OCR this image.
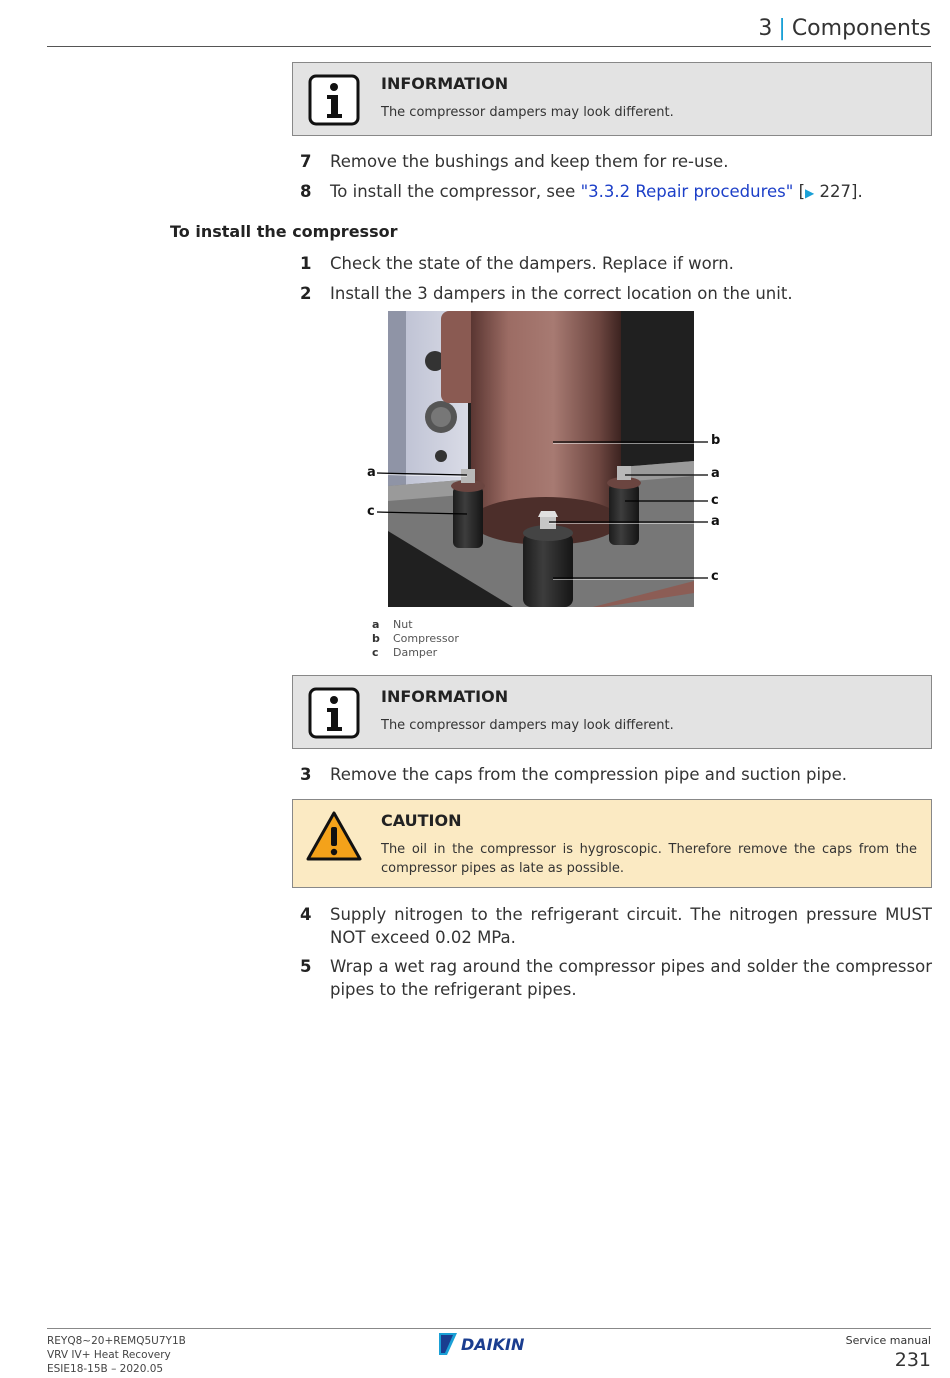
3 | Components
INFORMATION
The compressor dampers may look different.
7 Remove the bushings and keep them for re-use.
8 To install the compressor, see "3.3.2 Repair procedures" [▶ 227].
To install the compressor
1 Check the state of the dampers. Replace if worn.
2 Install the 3 dampers in the correct location on the unit.
a
c
b
a
c
a
c
a	Nut
b	Compressor
c	Damper
INFORMATION
The compressor dampers may look different.
3 Remove the caps from the compression pipe and suction pipe.
CAUTION
The oil in the compressor is hygroscopic. Therefore remove the caps from the compressor pipes as late as possible.
4 Supply nitrogen to the refrigerant circuit. The nitrogen pressure MUST NOT exceed 0.02 MPa.
5 Wrap a wet rag around the compressor pipes and solder the compressor pipes to the refrigerant pipes.
REYQ8~20+REMQ5U7Y1B
VRV IV+ Heat Recovery
ESIE18-15B – 2020.05
DAIKIN	Service manual
231
